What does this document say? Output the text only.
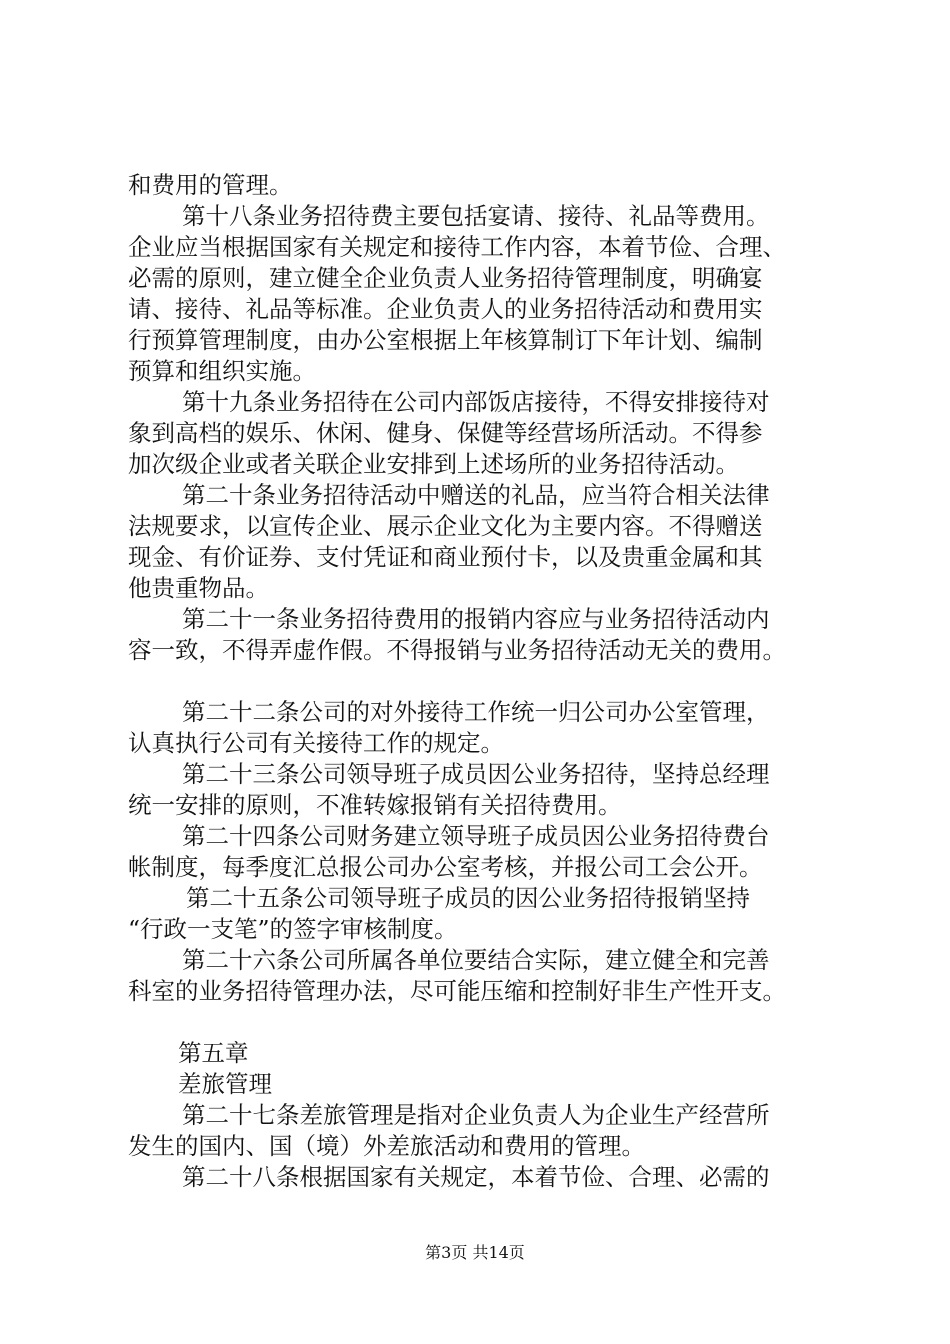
和费用的管理。
第十八条业务招待费主要包括宴请、接待、礼品等费用。
企业应当根据国家有关规定和接待工作内容，本着节俭、合理、
必需的原则，建立健全企业负责人业务招待管理制度，明确宴
请、接待、礼品等标准。企业负责人的业务招待活动和费用实
行预算管理制度，由办公室根据上年核算制订下年计划、编制
预算和组织实施。
第十九条业务招待在公司内部饭店接待，不得安排接待对
象到高档的娱乐、休闲、健身、保健等经营场所活动。不得参
加次级企业或者关联企业安排到上述场所的业务招待活动。
第二十条业务招待活动中赠送的礼品，应当符合相关法律
法规要求，以宣传企业、展示企业文化为主要内容。不得赠送
现金、有价证券、支付凭证和商业预付卡，以及贵重金属和其
他贵重物品。
第二十一条业务招待费用的报销内容应与业务招待活动内
容一致，不得弄虚作假。不得报销与业务招待活动无关的费用。
第二十二条公司的对外接待工作统一归公司办公室管理，
认真执行公司有关接待工作的规定。
第二十三条公司领导班子成员因公业务招待，坚持总经理
统一安排的原则，不准转嫁报销有关招待费用。
第二十四条公司财务建立领导班子成员因公业务招待费台
帐制度，每季度汇总报公司办公室考核，并报公司工会公开。
第二十五条公司领导班子成员的因公业务招待报销坚持
“行政一支笔”的签字审核制度。
第二十六条公司所属各单位要结合实际，建立健全和完善
科室的业务招待管理办法，尽可能压缩和控制好非生产性开支。
第五章
差旅管理
第二十七条差旅管理是指对企业负责人为企业生产经营所
发生的国内、国（境）外差旅活动和费用的管理。
第二十八条根据国家有关规定，本着节俭、合理、必需的
第3页 共14页
